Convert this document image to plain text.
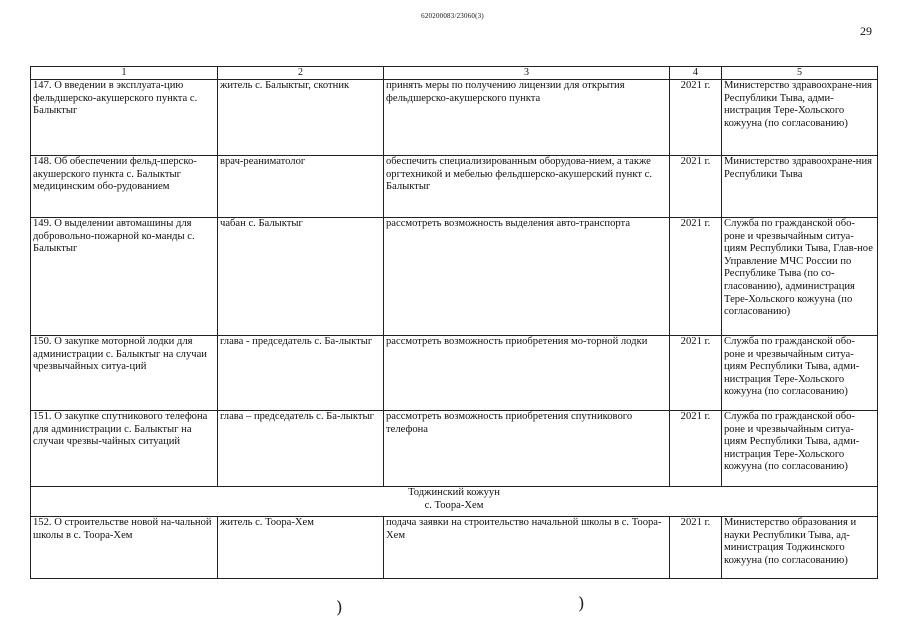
620200083/23060(3)
29
1	2	3	4	5
147. О введении в эксплуата-цию фельдшерско-акушерского пункта с. Балыктыг	житель с. Балыктыг, скотник	принять меры по получению лицензии для открытия фельдшерско-акушерского пункта	2021 г.	Министерство здравоохране-ния Республики Тыва, адми-нистрация Тере-Хольского кожууна (по согласованию)
148. Об обеспечении фельд-шерско-акушерского пункта с. Балыктыг медицинским обо-рудованием	врач-реаниматолог	обеспечить специализированным оборудова-нием, а также оргтехникой и мебелью фельдшерско-акушерский пункт с. Балыктыг	2021 г.	Министерство здравоохране-ния Республики Тыва
149. О выделении автомашины для добровольно-пожарной ко-манды с. Балыктыг	чабан с. Балыктыг	рассмотреть возможность выделения авто-транспорта	2021 г.	Служба по гражданской обо-роне и чрезвычайным ситуа-циям Республики Тыва, Глав-ное Управление МЧС России по Республике Тыва (по со-гласованию), администрация Тере-Хольского кожууна (по согласованию)
150. О закупке моторной лодки для администрации с. Балыктыг на случаи чрезвычайных ситуа-ций	глава - председатель с. Ба-лыктыг	рассмотреть возможность приобретения мо-торной лодки	2021 г.	Служба по гражданской обо-роне и чрезвычайным ситуа-циям Республики Тыва, адми-нистрация Тере-Хольского кожууна (по согласованию)
151. О закупке спутникового телефона для администрации с. Балыктыг на случаи чрезвы-чайных ситуаций	глава – председатель с. Ба-лыктыг	рассмотреть возможность приобретения спутникового телефона	2021 г.	Служба по гражданской обо-роне и чрезвычайным ситуа-циям Республики Тыва, адми-нистрация Тере-Хольского кожууна (по согласованию)

Тоджинский кожуун
с. Тоора-Хем				

152. О строительстве новой на-чальной школы в с. Тоора-Хем	житель с. Тоора-Хем	подача заявки на строительство начальной школы в с. Тоора-Хем	2021 г.	Министерство образования и науки Республики Тыва, ад-министрация Тоджинского кожууна (по согласованию)
)	)
